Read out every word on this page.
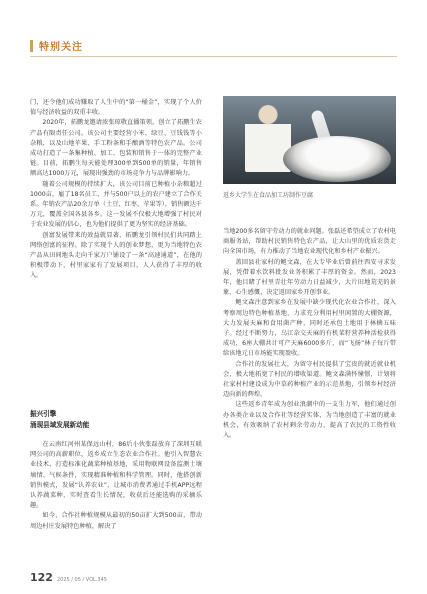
特别关注

门，还令他们成功赚取了人生中的“第一桶金”，实现了个人价值与经济收益的双重丰收。

2020年，拓鹏龙邀请浓张琼敬直播策领，创立了拓鹏生农产品有限责任公司。该公司主要经营小米、绿豆、豆钱钱等小杂粮，以及山地苹果、手工粉条和手酿酒等特色农产品。公司成功打造了一条集种植、加工、包装和销售于一体的完整产业链。目前，拓鹏生每天能处理300单到500单的销量，年销售额高达1000万元，展现出强劲的市场竞争力与品牌影响力。

随着公司规模的持续扩大，该公司目前已种植小杂粮超过1000亩，雇了18名员工，并与500户以上的农户建立了合作关系。年销农产品20余万单（土豆、红枣、苹果等），销售额达千万元，覆盖全国各县各乡。这一发展不仅极大地增强了村民对于农业发展的信心，也为他们提供了更为坚实的经济基础。

创富发展带来的效益就显著，拓鹏龙引领村民们共同踏上网络创富的征程。除了实现个人的创业梦想，更为当地特色农产品从田间地头走向千家万户铺设了一条“高速通道”，在他的积极带动下，村里家家有了发展项目，人人获得了丰厚的收入。

振兴引擎
涌现县域发展新动能

在云南红河州某保远山村，86后小伙张磊放弃了深圳互联网公司的高薪职位，返乡成立生态农业合作社。他引入智慧农业技术，打造标准化蔬菜种植基地，采用物联网设备监测土壤墒情、气候条件，实现精准种植和科学管理。同时，他搭创新销售模式，发展“认养农业”，让城市消费者通过手机APP远程认养蔬菜种，实时查看生长情况，收获后还能选购的采摘乐趣。

如今，合作社种植规模从最初的50亩扩大到500亩，带动周边村庄发展特色种植，解决了

返乡大学生在食品加工坊制作豆腐

当地200多名留守劳动力的就业问题。张磊还希望成立了农村电商服务站，帮助村民销售特色农产品，让大山里的优质农货走向全国市场，有力推动了当地农业现代化和乡村产业振兴。

盖回县社家村的鲍文森，在大专毕业后曾前往西安寻求发展，凭借着水饮料批发业务积累了丰厚的资金。然而，2023年，他目睹了村里青壮年劳动力日益减少，大片田地荒芜的景象，心生感慨，决定返回家乡开创事业。

鲍文森注意到家乡在发展中缺少现代化农业合作社，深入考察周边特色种植基地，力求充分利用村里闲置的大棚资源，大力发展天麻和食用菌产种，同时还承包土地用于林檎五味子。经过不断努力，乌江杂交天麻的有机菜籽营养种活检获得成功，6座大棚共计可产天麻6000多斤，而“飞扬”林子每斤带给该地元日市场能实现盈收。

合作社的发展壮大，为留守村民提供了宝贵的就近就业机会，极大地拓宽了村民的增收渠道。鲍文森满怀憧憬，计划将社家村村建设成为中草药种植产业的示范基地，引领乡村经济迈向新的辉煌。

这些返乡青年成为创业浪潮中的一支生力军，他们通过创办各类企业以及合作社等经营实体，为当地创造了丰富的就业机会，有效吸纳了农村剩余劳动力，提高了农民的工资性收入。

122 2025 / 05 / VOL.345
